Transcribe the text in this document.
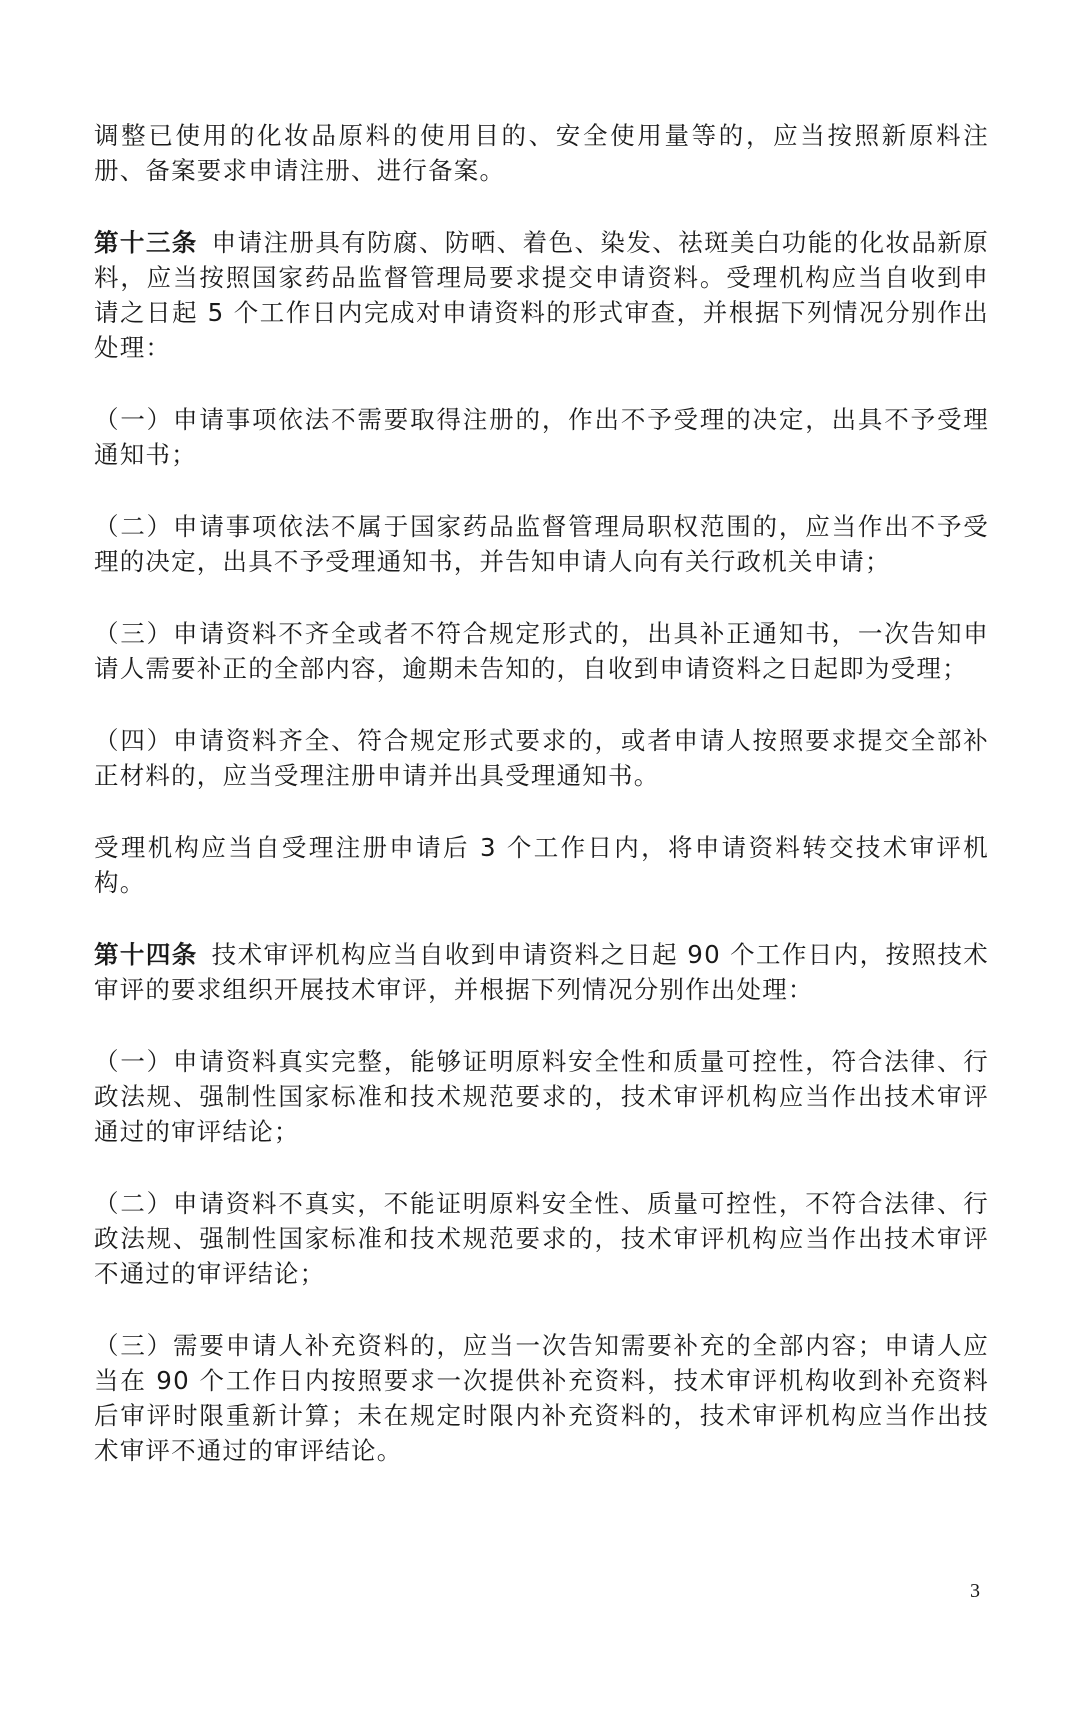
调整已使用的化妆品原料的使用目的、安全使用量等的，应当按照新原料注册、备案要求申请注册、进行备案。

第十三条 申请注册具有防腐、防晒、着色、染发、祛斑美白功能的化妆品新原料，应当按照国家药品监督管理局要求提交申请资料。受理机构应当自收到申请之日起 5 个工作日内完成对申请资料的形式审查，并根据下列情况分别作出处理：

（一）申请事项依法不需要取得注册的，作出不予受理的决定，出具不予受理通知书；

（二）申请事项依法不属于国家药品监督管理局职权范围的，应当作出不予受理的决定，出具不予受理通知书，并告知申请人向有关行政机关申请；

（三）申请资料不齐全或者不符合规定形式的，出具补正通知书，一次告知申请人需要补正的全部内容，逾期未告知的，自收到申请资料之日起即为受理；

（四）申请资料齐全、符合规定形式要求的，或者申请人按照要求提交全部补正材料的，应当受理注册申请并出具受理通知书。

受理机构应当自受理注册申请后 3 个工作日内，将申请资料转交技术审评机构。

第十四条 技术审评机构应当自收到申请资料之日起 90 个工作日内，按照技术审评的要求组织开展技术审评，并根据下列情况分别作出处理：

（一）申请资料真实完整，能够证明原料安全性和质量可控性，符合法律、行政法规、强制性国家标准和技术规范要求的，技术审评机构应当作出技术审评通过的审评结论；

（二）申请资料不真实，不能证明原料安全性、质量可控性，不符合法律、行政法规、强制性国家标准和技术规范要求的，技术审评机构应当作出技术审评不通过的审评结论；

（三）需要申请人补充资料的，应当一次告知需要补充的全部内容；申请人应当在 90 个工作日内按照要求一次提供补充资料，技术审评机构收到补充资料后审评时限重新计算；未在规定时限内补充资料的，技术审评机构应当作出技术审评不通过的审评结论。

3
